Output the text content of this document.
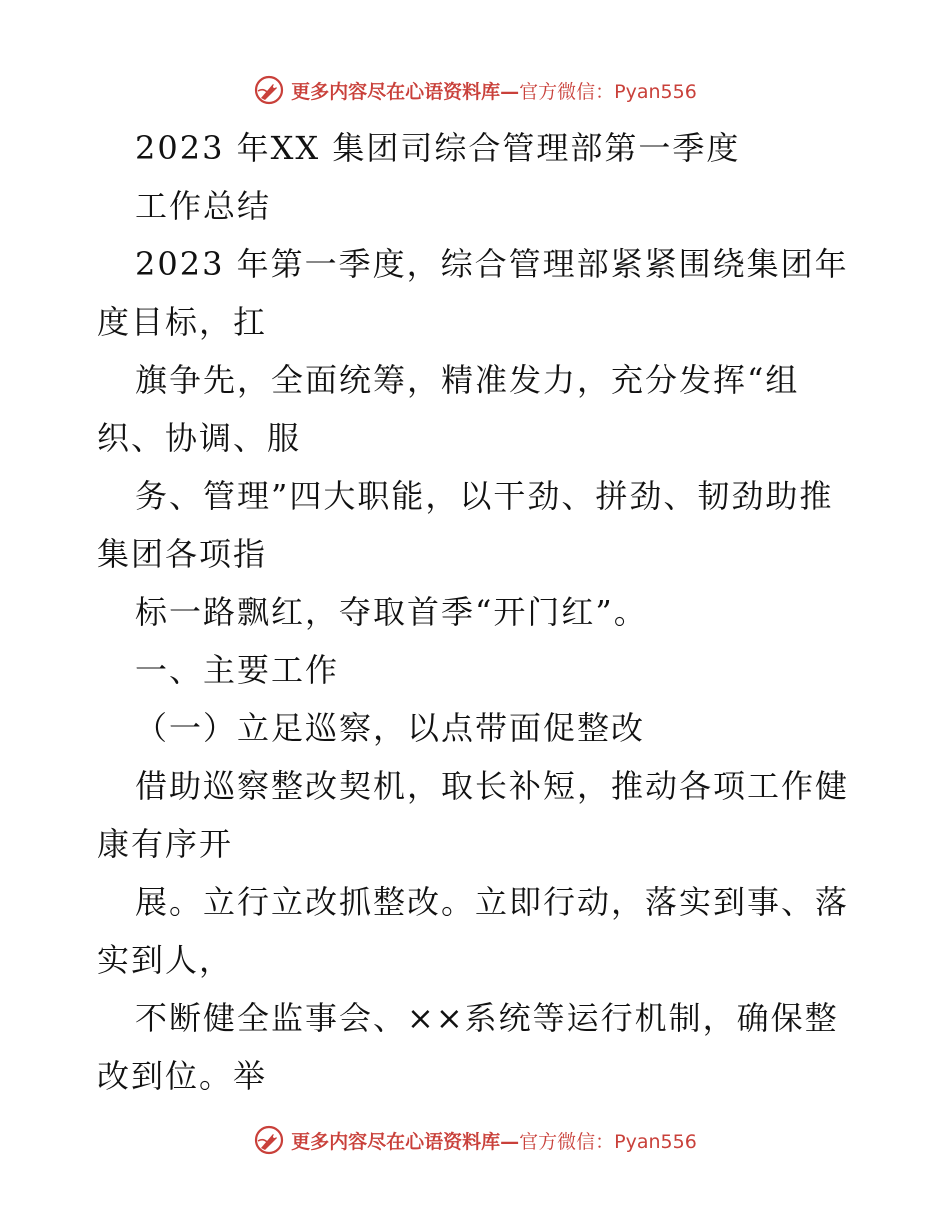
更多内容尽在心语资料库—官方微信：Pyan556
2023 年XX 集团司综合管理部第一季度
工作总结
2023 年第一季度，综合管理部紧紧围绕集团年
度目标，扛
旗争先，全面统筹，精准发力，充分发挥“组
织、协调、服
务、管理”四大职能，以干劲、拼劲、韧劲助推
集团各项指
标一路飘红，夺取首季“开门红”。
一、主要工作
（一）立足巡察，以点带面促整改
借助巡察整改契机，取长补短，推动各项工作健
康有序开
展。立行立改抓整改。立即行动，落实到事、落
实到人，
不断健全监事会、××系统等运行机制，确保整
改到位。举
更多内容尽在心语资料库—官方微信：Pyan556
